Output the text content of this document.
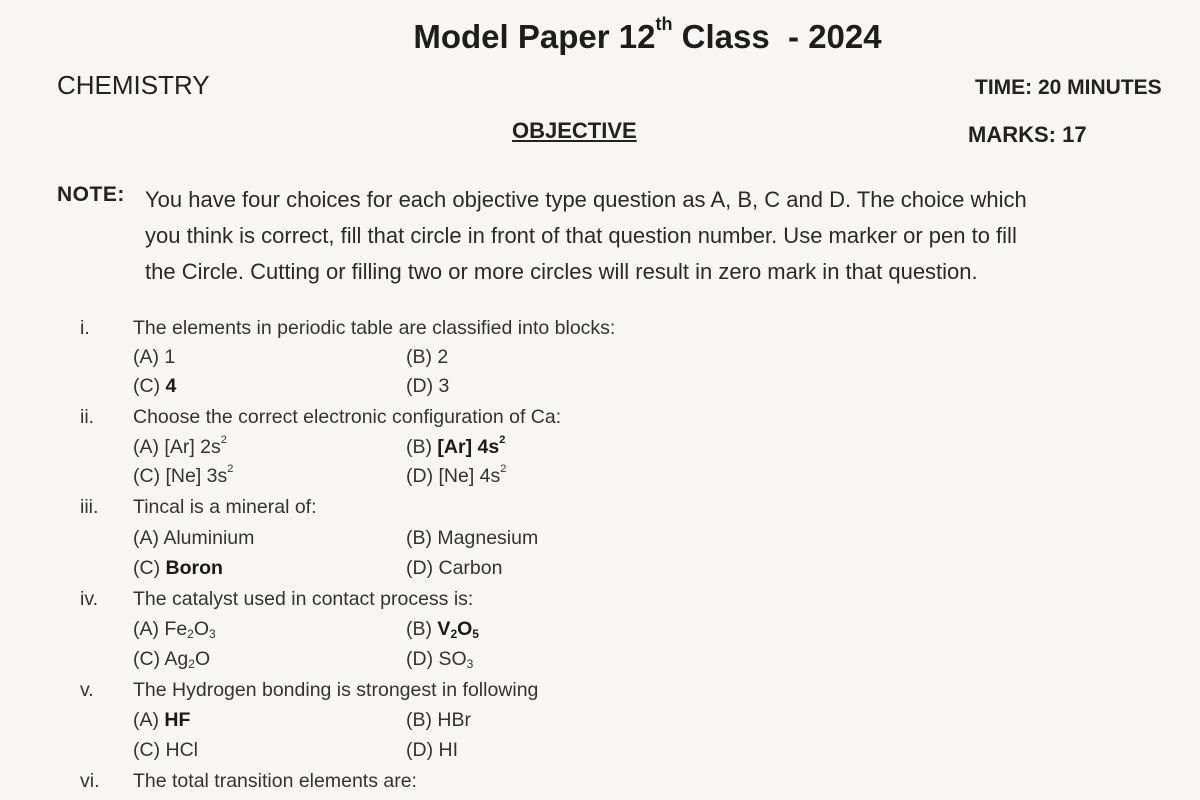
Model Paper 12th Class  - 2024
CHEMISTRY	TIME: 20 MINUTES
OBJECTIVE	MARKS: 17
NOTE: You have four choices for each objective type question as A, B, C and D. The choice which
you think is correct, fill that circle in front of that question number. Use marker or pen to fill
the Circle. Cutting or filling two or more circles will result in zero mark in that question.
i.	The elements in periodic table are classified into blocks:
(A) 1	(B) 2
(C) 4	(D) 3
ii.	Choose the correct electronic configuration of Ca:
(A) [Ar] $2s^2$	(B) [Ar] $4s^2$
(C) [Ne] $3s^2$	(D) [Ne] $4s^2$
iii.	Tincal is a mineral of:
(A) Aluminium	(B) Magnesium
(C) Boron	(D) Carbon
iv.	The catalyst used in contact process is:
(A) $Fe_2O_3$	(B) $V_2O_5$
(C) $Ag_2O$	(D) $SO_3$
v.	The Hydrogen bonding is strongest in following
(A) HF	(B) HBr
(C) HCl	(D) HI
vi.	The total transition elements are:
